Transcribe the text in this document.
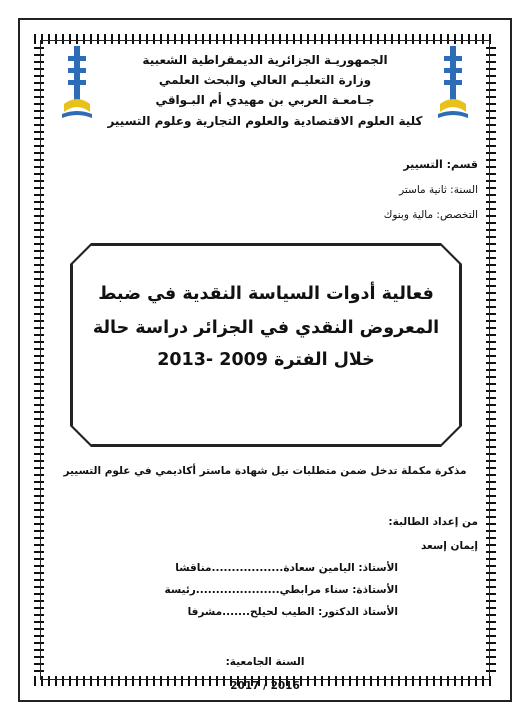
الجمهوريـة الجزائرية الديمقراطية الشعبية
وزارة التعليـم العالي والبحث العلمي
جـامعـة العربي بن مهيدي أم البـواقي
كلية العلوم الاقتصادية والعلوم التجارية وعلوم التسيير
قسم: التسيير
السنة: ثانية ماستر
التخصص: مالية وبنوك
فعالية أدوات السياسة النقدية في ضبط
المعروض النقدي في الجزائر دراسة حالة
خلال الفترة 2009 -2013
مذكرة مكملة تدخل ضمن متطلبات نيل شهادة ماستر أكاديمي في علوم التسيير
من إعداد الطالبة:
إيمان إسعد
الأستاذ: اليامين سعادة..................مناقشا
الأستاذة: سناء مرابطي.....................رئيسة
الأستاذ الدكتور: الطيب لحيلح.......مشرفا
السنة الجامعية:
2017 / 2016
